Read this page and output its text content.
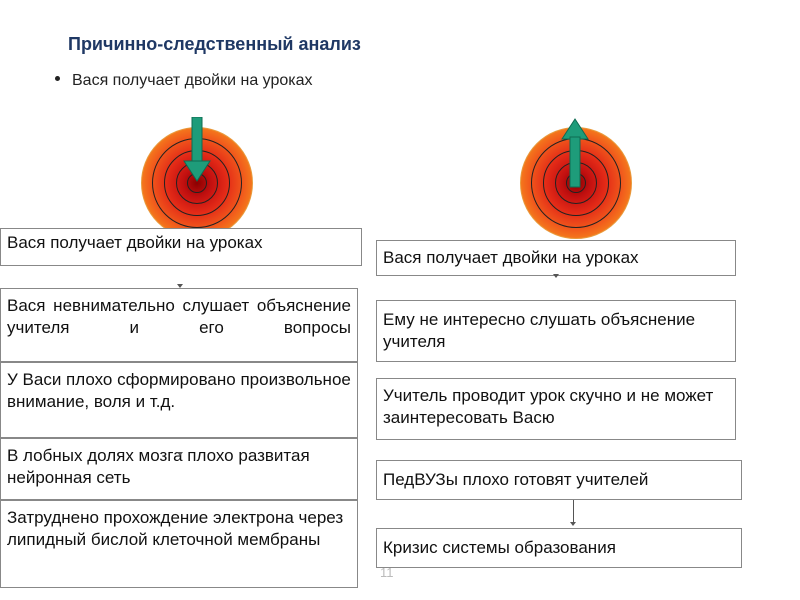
Причинно-следственный анализ
Вася получает двойки на уроках
Вася получает двойки на уроках
Вася невнимательно слушает объяснение учителя и его вопросы
У Васи плохо сформировано произвольное внимание, воля и т.д.
В лобных долях мозга плохо развитая нейронная сеть
Затруднено прохождение электрона через липидный бислой клеточной мембраны
Вася получает двойки на уроках
Ему не интересно слушать объяснение учителя
Учитель проводит урок скучно и не может заинтересовать Васю
ПедВУЗы плохо готовят учителей
Кризис системы образования
11
